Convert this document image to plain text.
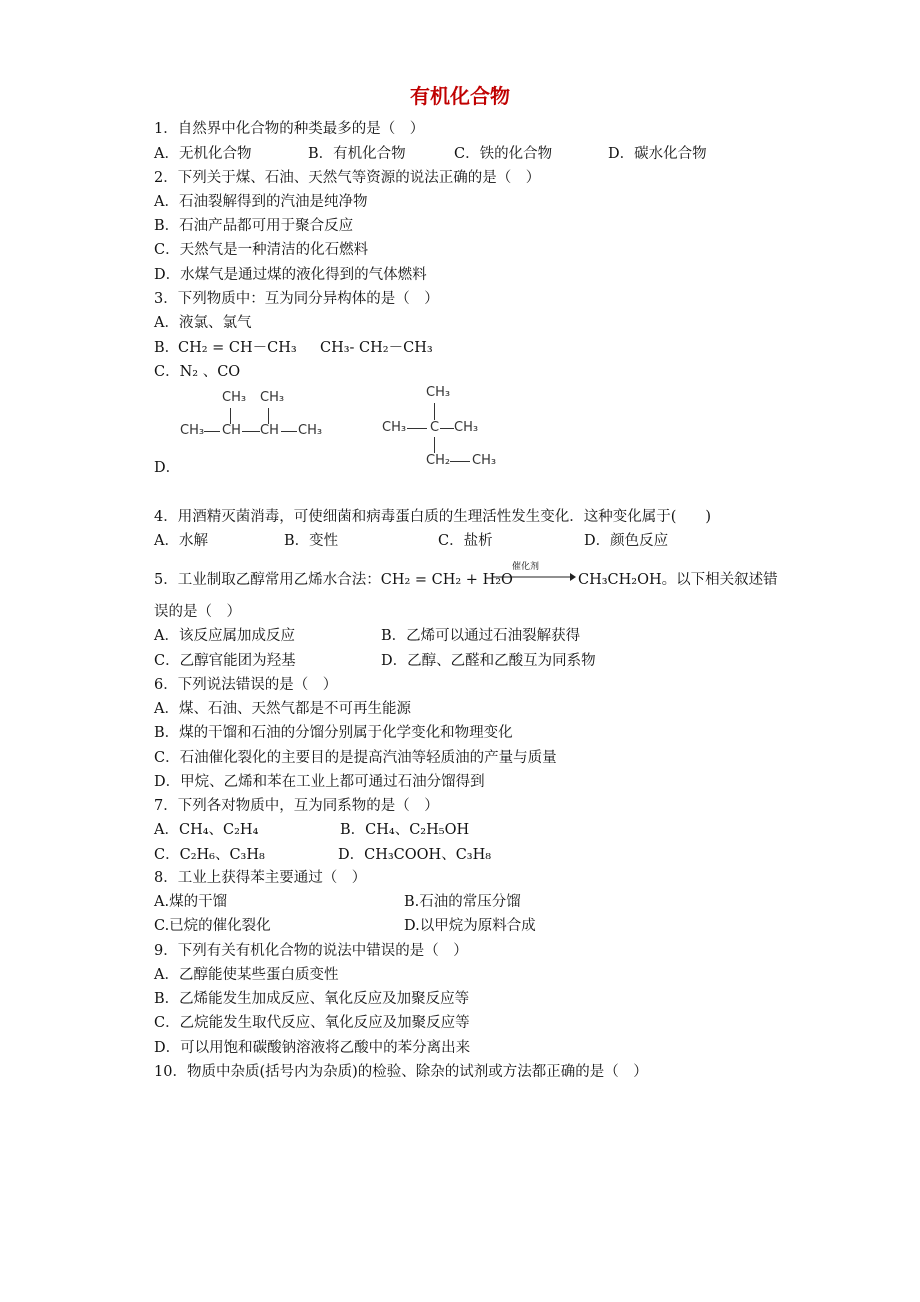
有机化合物
1．自然界中化合物的种类最多的是（　）
A．无机化合物	B．有机化合物	C．铁的化合物	D．碳水化合物
2．下列关于煤、石油、天然气等资源的说法正确的是（　）
A．石油裂解得到的汽油是纯净物
B．石油产品都可用于聚合反应
C．天然气是一种清洁的化石燃料
D．水煤气是通过煤的液化得到的气体燃料
3．下列物质中：互为同分异构体的是（　）
A．液氯、氯气
B．
CH₂ = CH－CH₃ CH₃- CH₂－CH₃
C．N₂ 、CO
CH₃ CH₃
CH₃ CH CH CH₃
CH₃
CH₃ C CH₃
CH₂ CH₃
D．
4．用酒精灭菌消毒，可使细菌和病毒蛋白质的生理活性发生变化．这种变化属于(　　)
A．水解	B．变性	C．盐析	D．颜色反应
5．工业制取乙醇常用乙烯水合法：CH₂ = CH₂ + H₂O
催化剂
CH₃CH₂OH。以下相关叙述错
误的是（　）
A．该反应属加成反应	B．乙烯可以通过石油裂解获得
C．乙醇官能团为羟基	D．乙醇、乙醛和乙酸互为同系物
6．下列说法错误的是（　）
A．煤、石油、天然气都是不可再生能源
B．煤的干馏和石油的分馏分别属于化学变化和物理变化
C．石油催化裂化的主要目的是提高汽油等轻质油的产量与质量
D．甲烷、乙烯和苯在工业上都可通过石油分馏得到
7．下列各对物质中，互为同系物的是（　）
A．CH₄、C₂H₄	B．CH₄、C₂H₅OH
C．C₂H₆、C₃H₈	D．CH₃COOH、C₃H₈
8．工业上获得苯主要通过（　）
A.煤的干馏	B.石油的常压分馏
C.已烷的催化裂化	D.以甲烷为原料合成
9．下列有关有机化合物的说法中错误的是（　）
A．乙醇能使某些蛋白质变性
B．乙烯能发生加成反应、氧化反应及加聚反应等
C．乙烷能发生取代反应、氧化反应及加聚反应等
D．可以用饱和碳酸钠溶液将乙酸中的苯分离出来
10．物质中杂质(括号内为杂质)的检验、除杂的试剂或方法都正确的是（　）
